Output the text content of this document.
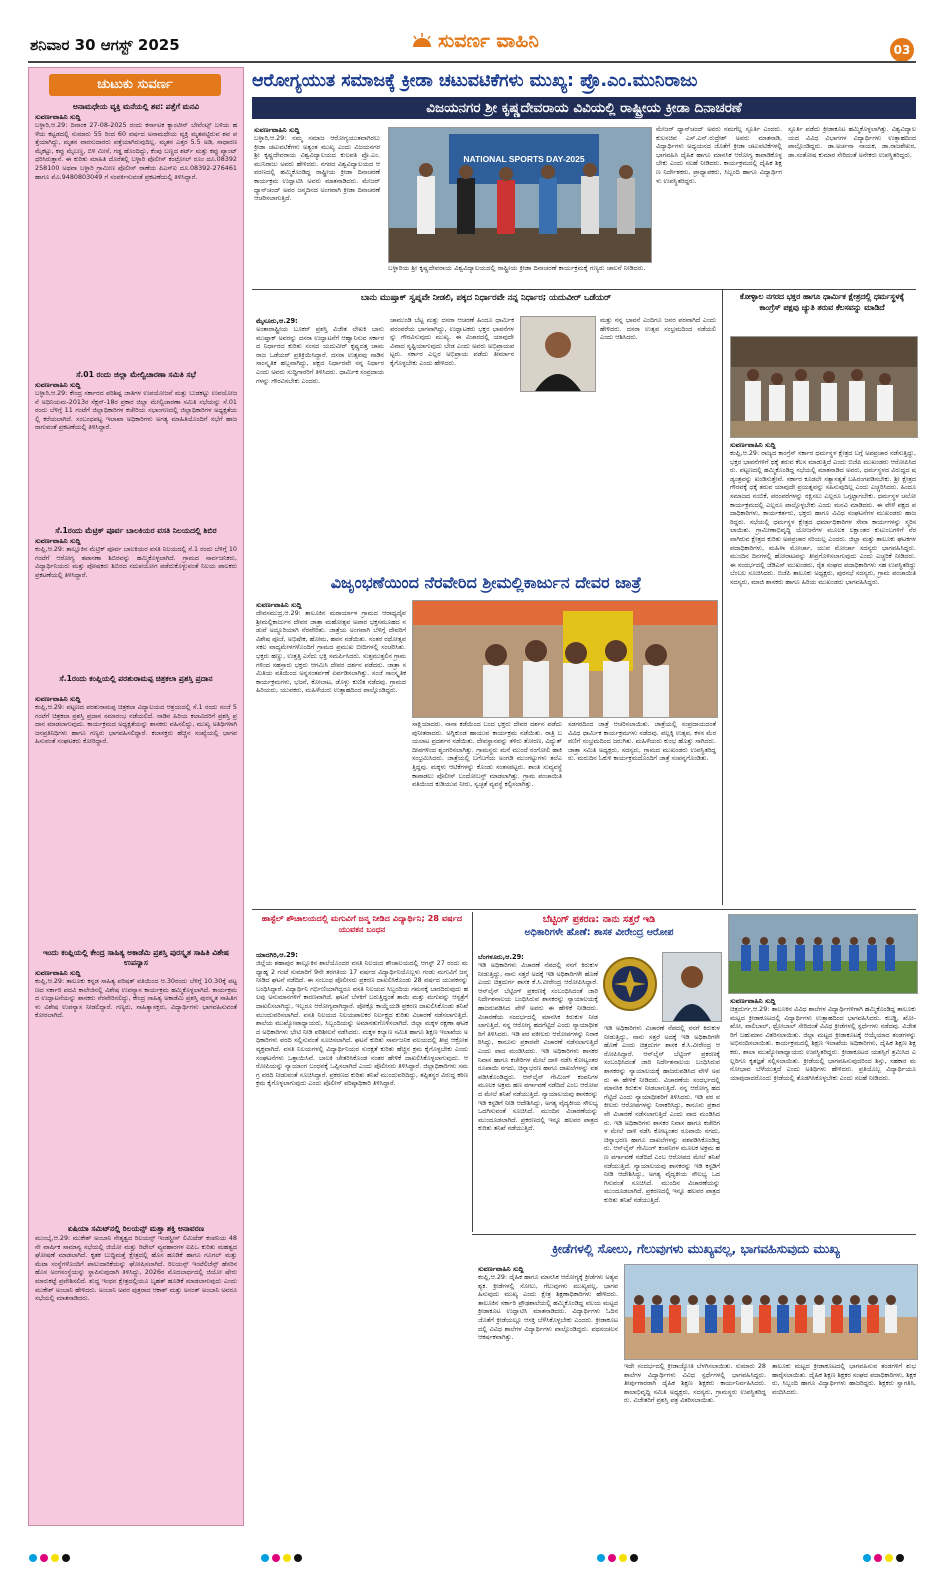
ಶನಿವಾರ 30 ಆಗಸ್ಟ್ 2025	ಸುವರ್ಣ ವಾಹಿನಿ	03
ಚುಟುಕು ಸುವರ್ಣ
ಅನಾಮಧೇಯ ವ್ಯಕ್ತಿ ಮನೆಯಲ್ಲಿ ಶವ: ಪತ್ತೆಗೆ ಮನವಿ
ಸುವರ್ಣವಾಹಿನಿ ಸುದ್ದಿ
ಬಳ್ಳಾರಿ,ಆ.29: ದಿನಾಂಕ 27-08-2025 ರಂದು ಕರ್ನಾಟಕ ಕ್ಯಾಂಟೀನ್ ಬೇವೆಂಟ್ಸ್ ಬಳಿಯ ಹಳೆಯ ಕಟ್ಟಡದಲ್ಲಿ ಸುಮಾರು 55 ರಿಂದ 60 ವರ್ಷದ ಅನಾಮಧೇಯ ವ್ಯಕ್ತಿ ಮೃತಪಟ್ಟಿರುವ ಶವ ಪತ್ತೆಯಾಗಿದ್ದು, ಮೃತನ ವಾರಸುದಾರರು ಪತ್ತೆಯಾಗಿರುವುದಿಲ್ಲ. ಮೃತನ ಎತ್ತರ 5.5 ಅಡಿ, ಸಾಧಾರಣ ಮೈಕಟ್ಟು, ಕಪ್ಪು ಮೈಬಣ್ಣ, ಬಿಳಿ ಮೀಸೆ, ಗಡ್ಡ ಹೊಂದಿದ್ದು, ಕೆಂಪು ಬಣ್ಣದ ಶರ್ಟ್ ಮತ್ತು ಕಪ್ಪು ಪ್ಯಾಂಟ್ ಧರಿಸಿರುತ್ತಾನೆ. ಈ ಕುರಿತು ಮಾಹಿತಿ ದೊರೆತಲ್ಲಿ ಬಳ್ಳಾರಿ ಪೊಲೀಸ್ ಕಂಟ್ರೋಲ್ ರೂಂ ದೂ.08392258100 ಅಥವಾ ಬಳ್ಳಾರಿ ಗ್ರಾಮೀಣ ಪೊಲೀಸ್ ಠಾಣೆಯ ಪಿಎಸ್‌ಐ ದೂ.08392-276461 ಹಾಗೂ ಮೊ.9480803049 ಗೆ ಸಂಪರ್ಕಿಸುವಂತೆ ಪ್ರಕಟಣೆಯಲ್ಲಿ ತಿಳಿಸಿದ್ದಾರೆ.
ಸೆ.01 ರಂದು ಜಿಲ್ಲಾ ಮೇಲ್ವಿಚಾರಣಾ ಸಮಿತಿ ಸಭೆ
ಸುವರ್ಣವಾಹಿನಿ ಸುದ್ದಿ
ಬಳ್ಳಾರಿ,ಆ.29: ಕೇಂದ್ರ ಸರ್ಕಾರದ ಪರಿಶಿಷ್ಟ ಜಾತಿಗಳ ಉಪಯೋಜನೆ ಮತ್ತು ಬುಡಕಟ್ಟು ಉಪಯೋಜನೆ ಅಧಿನಿಯಮ-2013ರ ಸೆಕ್ಷನ್-18ರ ಪ್ರಕಾರ ಜಿಲ್ಲಾ ಮೇಲ್ವಿಚಾರಣಾ ಸಮಿತಿ ಸಭೆಯನ್ನು ಸೆ.01 ರಂದು ಬೆಳಿಗ್ಗೆ 11 ಗಂಟೆಗೆ ಜಿಲ್ಲಾಧಿಕಾರಿಗಳ ಕಚೇರಿಯ ಸಭಾಂಗಣದಲ್ಲಿ ಜಿಲ್ಲಾಧಿಕಾರಿಗಳ ಅಧ್ಯಕ್ಷತೆಯಲ್ಲಿ ಕರೆಯಲಾಗಿದೆ. ಸಂಬಂಧಪಟ್ಟ ಇಲಾಖಾ ಅಧಿಕಾರಿಗಳು ಅಗತ್ಯ ಮಾಹಿತಿಯೊಂದಿಗೆ ಸಭೆಗೆ ಹಾಜರಾಗುವಂತೆ ಪ್ರಕಟಣೆಯಲ್ಲಿ ತಿಳಿಸಿದ್ದಾರೆ.
ಸೆ.1ರಂದು ಮೆಟ್ರಿಕ್ ಪೂರ್ವ ಬಾಲಕಿಯರ ವಸತಿ ನಿಲಯದಲ್ಲಿ ಶಿಬಿರ
ಸುವರ್ಣವಾಹಿನಿ ಸುದ್ದಿ
ಕಂಪ್ಲಿ,ಆ.29: ತಾಲ್ಲೂಕಿನ ಮೆಟ್ರಿಕ್ ಪೂರ್ವ ಬಾಲಕಿಯರ ವಸತಿ ನಿಲಯದಲ್ಲಿ ಸೆ.1 ರಂದು ಬೆಳಿಗ್ಗೆ 10 ಗಂಟೆಗೆ ಆರೋಗ್ಯ ತಪಾಸಣಾ ಶಿಬಿರವನ್ನು ಹಮ್ಮಿಕೊಳ್ಳಲಾಗಿದೆ. ಗ್ರಾಮದ ಸಾರ್ವಜನಿಕರು, ವಿದ್ಯಾರ್ಥಿನಿಯರು ಮತ್ತು ಪೋಷಕರು ಶಿಬಿರದ ಸದುಪಯೋಗ ಪಡೆದುಕೊಳ್ಳುವಂತೆ ನಿಲಯ ಪಾಲಕರು ಪ್ರಕಟಣೆಯಲ್ಲಿ ತಿಳಿಸಿದ್ದಾರೆ.
ಸೆ.1ರಂದು ಕಂಪ್ಲಿಯಲ್ಲಿ ಪರಶುರಾಮಪ್ಪ ಚಿತ್ರಕಲಾ ಪ್ರಶಸ್ತಿ ಪ್ರದಾನ
ಸುವರ್ಣವಾಹಿನಿ ಸುದ್ದಿ
ಕಂಪ್ಲಿ,ಆ.29: ಪಟ್ಟಣದ ಪರಶುರಾಮಪ್ಪ ಚಿತ್ರಕಲಾ ವಿದ್ಯಾಲಯದ ಆಶ್ರಯದಲ್ಲಿ ಸೆ.1 ರಂದು ಸಂಜೆ 5 ಗಂಟೆಗೆ ಚಿತ್ರಕಲಾ ಪ್ರಶಸ್ತಿ ಪ್ರದಾನ ಸಮಾರಂಭ ನಡೆಯಲಿದೆ. ನಾಡಿನ ಹಿರಿಯ ಕಲಾವಿದರಿಗೆ ಪ್ರಶಸ್ತಿ ಪ್ರದಾನ ಮಾಡಲಾಗುವುದು. ಕಾರ್ಯಕ್ರಮದ ಅಧ್ಯಕ್ಷತೆಯನ್ನು ಶಾಸಕರು ವಹಿಸಲಿದ್ದು, ಮುಖ್ಯ ಅತಿಥಿಗಳಾಗಿ ಜನಪ್ರತಿನಿಧಿಗಳು ಹಾಗೂ ಗಣ್ಯರು ಭಾಗವಹಿಸಲಿದ್ದಾರೆ. ಕಲಾಸಕ್ತರು ಹೆಚ್ಚಿನ ಸಂಖ್ಯೆಯಲ್ಲಿ ಭಾಗವಹಿಸುವಂತೆ ಸಂಘಟಕರು ಕೋರಿದ್ದಾರೆ.
ಇಂದು ಕಂಪ್ಲಿಯಲ್ಲಿ ಕೇಂದ್ರ ಸಾಹಿತ್ಯ ಅಕಾಡೆಮಿ ಪ್ರಶಸ್ತಿ ಪುರಸ್ಕೃತ ಸಾಹಿತಿ ವಿಶೇಷ ಉಪನ್ಯಾಸ
ಸುವರ್ಣವಾಹಿನಿ ಸುದ್ದಿ
ಕಂಪ್ಲಿ,ಆ.29: ತಾಲೂಕು ಕನ್ನಡ ಸಾಹಿತ್ಯ ಪರಿಷತ್ ವತಿಯಿಂದ ಆ.30ರಂದು ಬೆಳಿಗ್ಗೆ 10.30ಕ್ಕೆ ಪಟ್ಟಣದ ಸರ್ಕಾರಿ ಪದವಿ ಕಾಲೇಜಿನಲ್ಲಿ ವಿಶೇಷ ಉಪನ್ಯಾಸ ಕಾರ್ಯಕ್ರಮ ಹಮ್ಮಿಕೊಳ್ಳಲಾಗಿದೆ. ಕಾರ್ಯಕ್ರಮದ ಉದ್ಘಾಟನೆಯನ್ನು ಶಾಸಕರು ನೆರವೇರಿಸಲಿದ್ದು, ಕೇಂದ್ರ ಸಾಹಿತ್ಯ ಅಕಾಡೆಮಿ ಪ್ರಶಸ್ತಿ ಪುರಸ್ಕೃತ ಸಾಹಿತಿಗಳು ವಿಶೇಷ ಉಪನ್ಯಾಸ ನೀಡಲಿದ್ದಾರೆ. ಗಣ್ಯರು, ಸಾಹಿತ್ಯಾಸಕ್ತರು, ವಿದ್ಯಾರ್ಥಿಗಳು ಭಾಗವಹಿಸುವಂತೆ ಕೋರಲಾಗಿದೆ.
ಏಷಿಯಾ ಸಮಿಟ್‌ನಲ್ಲಿ ರಿಲಯನ್ಸ್ ಮತ್ತಾ ಶಕ್ತಿ ಅನಾವರಣ
ಮುಂಬೈ,ಆ.29: ಮುಕೇಶ್ ಅಂಬಾನಿ ನೇತೃತ್ವದ ರಿಲಯನ್ಸ್ ಇಂಡಸ್ಟ್ರೀಸ್ ಲಿಮಿಟೆಡ್ ಕಂಪನಿಯ 48ನೇ ವಾರ್ಷಿಕ ಸಾಮಾನ್ಯ ಸಭೆಯಲ್ಲಿ ಜಿಯೋ ಮತ್ತು ರಿಟೇಲ್ ವ್ಯವಹಾರಗಳ ಐಪಿಒ ಕುರಿತು ಮಹತ್ವದ ಘೋಷಣೆ ಮಾಡಲಾಗಿದೆ. ಕೃತಕ ಬುದ್ಧಿಮತ್ತೆ ಕ್ಷೇತ್ರದಲ್ಲಿ ಹೊಸ ಹೂಡಿಕೆ ಹಾಗೂ ಗೂಗಲ್ ಮತ್ತು ಮೆಟಾ ಸಂಸ್ಥೆಗಳೊಂದಿಗೆ ಪಾಲುದಾರಿಕೆಯನ್ನು ಘೋಷಿಸಲಾಗಿದೆ. ರಿಲಯನ್ಸ್ ಇಂಟೆಲಿಜೆನ್ಸ್ ಹೆಸರಿನ ಹೊಸ ಅಂಗಸಂಸ್ಥೆಯನ್ನು ಸ್ಥಾಪಿಸುವುದಾಗಿ ತಿಳಿಸಿದ್ದು, 2026ರ ಮೊದಲಾರ್ಧದಲ್ಲಿ ಜಿಯೋ ಷೇರು ಮಾರುಕಟ್ಟೆ ಪ್ರವೇಶಿಸಲಿದೆ. ಶುದ್ಧ ಇಂಧನ ಕ್ಷೇತ್ರದಲ್ಲಿಯೂ ಬೃಹತ್ ಹೂಡಿಕೆ ಮಾಡಲಾಗುವುದು ಎಂದು ಮುಕೇಶ್ ಅಂಬಾನಿ ಹೇಳಿದರು. ಅಂಬಾನಿ ಅವರ ಪುತ್ರರಾದ ಆಕಾಶ್ ಮತ್ತು ಅನಂತ್ ಅಂಬಾನಿ ಅವರೂ ಸಭೆಯಲ್ಲಿ ಮಾತನಾಡಿದರು.
ಆರೋಗ್ಯಯುತ ಸಮಾಜಕ್ಕೆ ಕ್ರೀಡಾ ಚಟುವಟಿಕೆಗಳು ಮುಖ್ಯ: ಪ್ರೊ.ಎಂ.ಮುನಿರಾಜು
ವಿಜಯನಗರ ಶ್ರೀ ಕೃಷ್ಣದೇವರಾಯ ವಿವಿಯಲ್ಲಿ ರಾಷ್ಟ್ರೀಯ ಕ್ರೀಡಾ ದಿನಾಚರಣೆ
ಸುವರ್ಣವಾಹಿನಿ ಸುದ್ದಿ
ಬಳ್ಳಾರಿ,ಆ.29: ನಮ್ಮ ಸಮಾಜ ಆರೋಗ್ಯಯುತವಾಗಿರಲು ಕ್ರೀಡಾ ಚಟುವಟಿಕೆಗಳು ಅತ್ಯಂತ ಮುಖ್ಯ ಎಂದು ವಿಜಯನಗರ ಶ್ರೀ ಕೃಷ್ಣದೇವರಾಯ ವಿಶ್ವವಿದ್ಯಾಲಯದ ಕುಲಪತಿ ಪ್ರೊ.ಎಂ.ಮುನಿರಾಜು ಅವರು ಹೇಳಿದರು. ನಗರದ ವಿಶ್ವವಿದ್ಯಾಲಯದ ಆವರಣದಲ್ಲಿ ಹಮ್ಮಿಕೊಂಡಿದ್ದ ರಾಷ್ಟ್ರೀಯ ಕ್ರೀಡಾ ದಿನಾಚರಣೆ ಕಾರ್ಯಕ್ರಮ ಉದ್ಘಾಟಿಸಿ ಅವರು ಮಾತನಾಡಿದರು. ಮೇಜರ್ ಧ್ಯಾನ್‌ಚಂದ್ ಅವರ ಜನ್ಮದಿನದ ಅಂಗವಾಗಿ ಕ್ರೀಡಾ ದಿನಾಚರಣೆ ಆಚರಿಸಲಾಗುತ್ತಿದೆ.
NATIONAL SPORTS DAY-2025
ಬಳ್ಳಾರಿಯ ಶ್ರೀ ಕೃಷ್ಣದೇವರಾಯ ವಿಶ್ವವಿದ್ಯಾಲಯದಲ್ಲಿ ರಾಷ್ಟ್ರೀಯ ಕ್ರೀಡಾ ದಿನಾಚರಣೆ ಕಾರ್ಯಕ್ರಮಕ್ಕೆ ಗಣ್ಯರು ಚಾಲನೆ ನೀಡಿದರು.
ಮೇಜರ್ ಧ್ಯಾನ್‌ಚಂದ್ ಅವರು ನಮಗೆಲ್ಲ ಸ್ಫೂರ್ತಿ ಎಂದರು. ಕುಲಸಚಿವ ಎಸ್.ಎನ್.ರುದ್ರೇಶ್ ಅವರು ಮಾತನಾಡಿ, ವಿದ್ಯಾರ್ಥಿಗಳು ಅಧ್ಯಯನದ ಜೊತೆಗೆ ಕ್ರೀಡಾ ಚಟುವಟಿಕೆಗಳಲ್ಲಿ ಭಾಗವಹಿಸಿ ದೈಹಿಕ ಹಾಗೂ ಮಾನಸಿಕ ಆರೋಗ್ಯ ಕಾಪಾಡಿಕೊಳ್ಳಬೇಕು ಎಂದು ಸಲಹೆ ನೀಡಿದರು. ಕಾರ್ಯಕ್ರಮದಲ್ಲಿ ದೈಹಿಕ ಶಿಕ್ಷಣ ನಿರ್ದೇಶಕರು, ಪ್ರಾಧ್ಯಾಪಕರು, ಸಿಬ್ಬಂದಿ ಹಾಗೂ ವಿದ್ಯಾರ್ಥಿಗಳು ಉಪಸ್ಥಿತರಿದ್ದರು.
ಸ್ಫೂರ್ತಿ ಪಡೆದು ಕ್ರೀಡಾಕೂಟ ಹಮ್ಮಿಕೊಳ್ಳಲಾಗಿತ್ತು. ವಿಶ್ವವಿದ್ಯಾಲಯದ ವಿವಿಧ ವಿಭಾಗಗಳ ವಿದ್ಯಾರ್ಥಿಗಳು ಉತ್ಸಾಹದಿಂದ ಪಾಲ್ಗೊಂಡಿದ್ದರು. ಡಾ.ಅರ್ಚನಾ ನಾಯಕ, ಡಾ.ರಾಜಶೇಖರ, ಡಾ.ಸಂತೋಷ ಕುಮಾರ ಸೇರಿದಂತೆ ಅನೇಕರು ಉಪಸ್ಥಿತರಿದ್ದರು.
ಬಾನು ಮುಷ್ತಾಕ್ ಸ್ವಪ್ನವೇ ನೀಡಲಿ, ಪಕ್ಕದ ನಿರ್ಧಾರವೇ ನನ್ನ ನಿರ್ಧಾರ; ಯದುವೀರ್ ಒಡೆಯರ್
ಮೈಸೂರು,ಆ.29:
ಅಂತಾರಾಷ್ಟ್ರೀಯ ಬೂಕರ್ ಪ್ರಶಸ್ತಿ ವಿಜೇತ ಲೇಖಕಿ ಬಾನು ಮುಷ್ತಾಕ್ ಅವರನ್ನು ದಸರಾ ಉದ್ಘಾಟನೆಗೆ ಆಹ್ವಾನಿಸುವ ಸರ್ಕಾರದ ನಿರ್ಧಾರದ ಕುರಿತು ಸಂಸದ ಯದುವೀರ್ ಕೃಷ್ಣದತ್ತ ಚಾಮರಾಜ ಒಡೆಯರ್ ಪ್ರತಿಕ್ರಿಯಿಸಿದ್ದಾರೆ. ದಸರಾ ಉತ್ಸವವು ನಾಡಿನ ಸಾಂಸ್ಕೃತಿಕ ಹಬ್ಬವಾಗಿದ್ದು, ಪಕ್ಷದ ನಿರ್ಧಾರವೇ ನನ್ನ ನಿರ್ಧಾರ ಎಂದು ಅವರು ಸುದ್ದಿಗಾರರಿಗೆ ತಿಳಿಸಿದರು. ಧಾರ್ಮಿಕ ಸಂಪ್ರದಾಯಗಳನ್ನು ಗೌರವಿಸಬೇಕು ಎಂದರು.
ಚಾಮುಂಡಿ ಬೆಟ್ಟ ಮತ್ತು ದಸರಾ ಆಚರಣೆ ಹಿಂದೂ ಧಾರ್ಮಿಕ ಪರಂಪರೆಯ ಭಾಗವಾಗಿದ್ದು, ಉದ್ಘಾಟಕರು ಭಕ್ತರ ಭಾವನೆಗಳನ್ನು ಗೌರವಿಸುವುದು ಮುಖ್ಯ. ಈ ವಿಚಾರದಲ್ಲಿ ಯಾವುದೇ ವಿವಾದ ಸೃಷ್ಟಿಯಾಗುವುದು ಬೇಡ ಎಂದು ಅವರು ಅಭಿಪ್ರಾಯಪಟ್ಟರು. ಸರ್ಕಾರ ಎಲ್ಲರ ಅಭಿಪ್ರಾಯ ಪಡೆದು ತೀರ್ಮಾನ ಕೈಗೊಳ್ಳಬೇಕು ಎಂದು ಹೇಳಿದರು.
ಮತ್ತು ನನ್ನ ಭಾವನೆ ಎಂದಿಗೂ ಜನರ ಪರವಾಗಿದೆ ಎಂದು ಹೇಳಿದರು. ದಸರಾ ಉತ್ಸವ ಸಂಭ್ರಮದಿಂದ ನಡೆಯಲಿ ಎಂದು ಆಶಿಸಿದರು.
ಕೋಳ್ಳಾಲ ನಗರದ ಭಕ್ತರ ಹಾಗೂ ಧಾರ್ಮಿಕ ಕ್ಷೇತ್ರದಲ್ಲಿ ಧರ್ಮಸ್ಥಳಕ್ಕೆ ಕಾಂಗ್ರೆಸ್ ಪಕ್ಷವು ಚ್ಯುತಿ ತರುವ ಕೆಲಸವನ್ನು ಮಾಡಿದೆ
ಸುವರ್ಣವಾಹಿನಿ ಸುದ್ದಿ
ಕಂಪ್ಲಿ,ಆ.29: ರಾಜ್ಯದ ಕಾಂಗ್ರೆಸ್ ಸರ್ಕಾರ ಧರ್ಮಸ್ಥಳ ಕ್ಷೇತ್ರದ ಬಗ್ಗೆ ಅಪಪ್ರಚಾರ ನಡೆಸುತ್ತಿದ್ದು, ಭಕ್ತರ ಭಾವನೆಗಳಿಗೆ ಧಕ್ಕೆ ತರುವ ಕೆಲಸ ಮಾಡುತ್ತಿದೆ ಎಂದು ಬಿಜೆಪಿ ಮುಖಂಡರು ಆರೋಪಿಸಿದರು. ಪಟ್ಟಣದಲ್ಲಿ ಹಮ್ಮಿಕೊಂಡಿದ್ದ ಸಭೆಯಲ್ಲಿ ಮಾತನಾಡಿದ ಅವರು, ಧರ್ಮಸ್ಥಳದ ವಿರುದ್ಧದ ಷಡ್ಯಂತ್ರವನ್ನು ಖಂಡಿಸುತ್ತೇವೆ. ಸರ್ಕಾರ ಕೂಡಲೇ ಸತ್ಯಾಸತ್ಯತೆ ಬಹಿರಂಗಪಡಿಸಬೇಕು. ಶ್ರೀ ಕ್ಷೇತ್ರದ ಗೌರವಕ್ಕೆ ಧಕ್ಕೆ ತರುವ ಯಾವುದೇ ಪ್ರಯತ್ನವನ್ನು ಸಹಿಸುವುದಿಲ್ಲ ಎಂದು ಎಚ್ಚರಿಸಿದರು. ಹಿಂದೂ ಸಮಾಜದ ನಂಬಿಕೆ, ಪರಂಪರೆಗಳನ್ನು ರಕ್ಷಿಸಲು ಎಲ್ಲರೂ ಒಗ್ಗಟ್ಟಾಗಬೇಕು. ಧರ್ಮಸ್ಥಳ ಚಲೋ ಕಾರ್ಯಕ್ರಮದಲ್ಲಿ ಎಲ್ಲರೂ ಪಾಲ್ಗೊಳ್ಳಬೇಕು ಎಂದು ಮನವಿ ಮಾಡಿದರು. ಈ ವೇಳೆ ಪಕ್ಷದ ಪದಾಧಿಕಾರಿಗಳು, ಕಾರ್ಯಕರ್ತರು, ಭಕ್ತರು ಹಾಗೂ ವಿವಿಧ ಸಂಘಟನೆಗಳ ಮುಖಂಡರು ಹಾಜರಿದ್ದರು. ಸಭೆಯಲ್ಲಿ ಧರ್ಮಸ್ಥಳ ಕ್ಷೇತ್ರದ ಧರ್ಮಾಧಿಕಾರಿಗಳ ಸೇವಾ ಕಾರ್ಯಗಳನ್ನು ಸ್ಮರಿಸಲಾಯಿತು. ಗ್ರಾಮೀಣಾಭಿವೃದ್ಧಿ ಯೋಜನೆಗಳ ಮೂಲಕ ಲಕ್ಷಾಂತರ ಕುಟುಂಬಗಳಿಗೆ ನೆರವಾಗಿರುವ ಕ್ಷೇತ್ರದ ಕುರಿತು ಅಪಪ್ರಚಾರ ಸರಿಯಲ್ಲ ಎಂದರು. ಜಿಲ್ಲಾ ಮತ್ತು ತಾಲೂಕು ಘಟಕಗಳ ಪದಾಧಿಕಾರಿಗಳು, ಮಹಿಳಾ ಮೋರ್ಚಾ, ಯುವ ಮೋರ್ಚಾ ಸದಸ್ಯರು ಭಾಗವಹಿಸಿದ್ದರು. ಮುಂದಿನ ದಿನಗಳಲ್ಲಿ ಹೋರಾಟವನ್ನು ತೀವ್ರಗೊಳಿಸಲಾಗುವುದು ಎಂದು ಎಚ್ಚರಿಕೆ ನೀಡಿದರು. ಈ ಸಂದರ್ಭದಲ್ಲಿ ಜೆಡಿಎಸ್ ಮುಖಂಡರು, ರೈತ ಸಂಘದ ಪದಾಧಿಕಾರಿಗಳು ಸಹ ಉಪಸ್ಥಿತರಿದ್ದು ಬೆಂಬಲ ಸೂಚಿಸಿದರು. ಬಿಜೆಪಿ ತಾಲೂಕು ಅಧ್ಯಕ್ಷರು, ಪುರಸಭೆ ಸದಸ್ಯರು, ಗ್ರಾಮ ಪಂಚಾಯಿತಿ ಸದಸ್ಯರು, ಮಾಜಿ ಶಾಸಕರು ಹಾಗೂ ಹಿರಿಯ ಮುಖಂಡರು ಭಾಗವಹಿಸಿದ್ದರು.
ವಿಜೃಂಭಣೆಯಿಂದ ನೆರವೇರಿದ ಶ್ರೀಮಲ್ಲಿಕಾರ್ಜುನ ದೇವರ ಜಾತ್ರೆ
ಸುವರ್ಣವಾಹಿನಿ ಸುದ್ದಿ
ದೇವಸಮುದ್ರ,ಆ.29: ತಾಲೂಕಿನ ಮರಾರ್ಯಾಳ ಗ್ರಾಮದ ಆರಾಧ್ಯದೈವ ಶ್ರೀಮಲ್ಲಿಕಾರ್ಜುನ ದೇವರ ಜಾತ್ರಾ ಮಹೋತ್ಸವ ಅಪಾರ ಭಕ್ತಸಮೂಹದ ನಡುವೆ ಅದ್ದೂರಿಯಾಗಿ ನೆರವೇರಿತು. ಜಾತ್ರೆಯ ಅಂಗವಾಗಿ ಬೆಳಿಗ್ಗೆ ದೇವರಿಗೆ ವಿಶೇಷ ಪೂಜೆ, ಅಭಿಷೇಕ, ಹೋಮ, ಹವನ ನಡೆಯಿತು. ನಂತರ ರಥೋತ್ಸವ ಸಕಲ ವಾದ್ಯಮೇಳಗಳೊಂದಿಗೆ ಗ್ರಾಮದ ಪ್ರಮುಖ ಬೀದಿಗಳಲ್ಲಿ ಸಂಚರಿಸಿತು. ಭಕ್ತರು ಹಣ್ಣು, ಉತ್ತತ್ತಿ ಎಸೆದು ಭಕ್ತಿ ಸಮರ್ಪಿಸಿದರು. ಸುತ್ತಮುತ್ತಲಿನ ಗ್ರಾಮಗಳಿಂದ ಸಹಸ್ರಾರು ಭಕ್ತರು ಆಗಮಿಸಿ ದೇವರ ದರ್ಶನ ಪಡೆದರು. ಜಾತ್ರಾ ಸಮಿತಿಯ ವತಿಯಿಂದ ಅನ್ನಸಂತರ್ಪಣೆ ಏರ್ಪಡಿಸಲಾಗಿತ್ತು. ಸಂಜೆ ಸಾಂಸ್ಕೃತಿಕ ಕಾರ್ಯಕ್ರಮಗಳು, ಭಜನೆ, ಕೋಲಾಟ, ಡೊಳ್ಳು ಕುಣಿತ ನಡೆದವು. ಗ್ರಾಮದ ಹಿರಿಯರು, ಯುವಕರು, ಮಹಿಳೆಯರು ಉತ್ಸಾಹದಿಂದ ಪಾಲ್ಗೊಂಡಿದ್ದರು.
ಸಾಕ್ಷಿಯಾದರು. ನಾನಾ ಕಡೆಯಿಂದ ಬಂದ ಭಕ್ತರು ದೇವರ ದರ್ಶನ ಪಡೆದು ಪುನೀತರಾದರು. ಅಗ್ನಿಕುಂಡ ಹಾಯುವ ಕಾರ್ಯಕ್ರಮ ನಡೆಯಿತು. ರಾತ್ರಿ ಬಯಲಾಟ ಪ್ರದರ್ಶನ ನಡೆಯಿತು. ದೇವಸ್ಥಾನವನ್ನು ತಳಿರು ತೋರಣ, ವಿದ್ಯುತ್ ದೀಪಗಳಿಂದ ಶೃಂಗರಿಸಲಾಗಿತ್ತು. ಗ್ರಾಮಸ್ಥರು ಮನೆ ಮುಂದೆ ರಂಗೋಲಿ ಹಾಕಿ ಸಂಭ್ರಮಿಸಿದರು. ಜಾತ್ರೆಯಲ್ಲಿ ಬಗೆಬಗೆಯ ಅಂಗಡಿ ಮುಂಗಟ್ಟುಗಳು ತಲೆಎತ್ತಿದ್ದವು. ಮಕ್ಕಳು ಆಟಿಕೆಗಳನ್ನು ಕೊಂಡು ಸಂತಸಪಟ್ಟರು. ಶಾಂತಿ ಸುವ್ಯವಸ್ಥೆ ಕಾಪಾಡಲು ಪೊಲೀಸ್ ಬಂದೋಬಸ್ತ್ ಮಾಡಲಾಗಿತ್ತು. ಗ್ರಾಮ ಪಂಚಾಯಿತಿ ವತಿಯಿಂದ ಕುಡಿಯುವ ನೀರು, ಸ್ವಚ್ಛತೆ ವ್ಯವಸ್ಥೆ ಕಲ್ಪಿಸಲಾಗಿತ್ತು.
ಸಡಗರದಿಂದ ಜಾತ್ರೆ ಆಚರಿಸಲಾಯಿತು. ಜಾತ್ರೆಯಲ್ಲಿ ಸಂಪ್ರದಾಯದಂತೆ ವಿವಿಧ ಧಾರ್ಮಿಕ ಕಾರ್ಯಕ್ರಮಗಳು ನಡೆದವು. ಪಲ್ಲಕ್ಕಿ ಉತ್ಸವ, ಕಳಸ ಮೆರವಣಿಗೆ ಸಂಭ್ರಮದಿಂದ ಜರುಗಿತು. ಮಹಿಳೆಯರು ಕುಂಭ ಹೊತ್ತು ಸಾಗಿದರು. ಜಾತ್ರಾ ಸಮಿತಿ ಅಧ್ಯಕ್ಷರು, ಸದಸ್ಯರು, ಗ್ರಾಮದ ಮುಖಂಡರು ಉಪಸ್ಥಿತರಿದ್ದರು. ಮರುದಿನ ಓಕುಳಿ ಕಾರ್ಯಕ್ರಮದೊಂದಿಗೆ ಜಾತ್ರೆ ಸಂಪನ್ನಗೊಂಡಿತು.
ಹಾಸ್ಟೆಲ್ ಶೌಚಾಲಯದಲ್ಲಿ ಮಗುವಿಗೆ ಜನ್ಮ ನೀಡಿದ ವಿದ್ಯಾರ್ಥಿನಿ; 28 ವರ್ಷದ ಯುವಕನ ಬಂಧನ
ಯಾದಗಿರಿ,ಆ.29:
ಜಿಲ್ಲೆಯ ಶಹಾಪುರ ತಾಲ್ಲೂಕಿನ ಶಾಲೆಯೊಂದರ ವಸತಿ ನಿಲಯದ ಶೌಚಾಲಯದಲ್ಲಿ ಆಗಸ್ಟ್ 27 ರಂದು ಮಧ್ಯಾಹ್ನ 2 ಗಂಟೆ ಸುಮಾರಿಗೆ 9ನೇ ತರಗತಿಯ 17 ವರ್ಷದ ವಿದ್ಯಾರ್ಥಿನಿಯೊಬ್ಬಳು ಗಂಡು ಮಗುವಿಗೆ ಜನ್ಮ ನೀಡಿದ ಘಟನೆ ನಡೆದಿದೆ. ಈ ಸಂಬಂಧ ಪೊಲೀಸರು ಪ್ರಕರಣ ದಾಖಲಿಸಿಕೊಂಡು 28 ವರ್ಷದ ಯುವಕನನ್ನು ಬಂಧಿಸಿದ್ದಾರೆ. ವಿದ್ಯಾರ್ಥಿನಿ ಗರ್ಭಿಣಿಯಾಗಿದ್ದರೂ ವಸತಿ ನಿಲಯದ ಸಿಬ್ಬಂದಿಯ ಗಮನಕ್ಕೆ ಬಾರದಿರುವುದು ಹಲವು ಅನುಮಾನಗಳಿಗೆ ಕಾರಣವಾಗಿದೆ. ಘಟನೆ ಬೆಳಕಿಗೆ ಬರುತ್ತಿದ್ದಂತೆ ತಾಯಿ ಮತ್ತು ಮಗುವನ್ನು ಆಸ್ಪತ್ರೆಗೆ ದಾಖಲಿಸಲಾಗಿದ್ದು, ಇಬ್ಬರೂ ಆರೋಗ್ಯವಾಗಿದ್ದಾರೆ. ಪೋಕ್ಸೊ ಕಾಯ್ದೆಯಡಿ ಪ್ರಕರಣ ದಾಖಲಿಸಿಕೊಂಡು ತನಿಖೆ ಮುಂದುವರಿಸಲಾಗಿದೆ. ವಸತಿ ನಿಲಯದ ನಿಲಯಪಾಲಕರ ನಿರ್ಲಕ್ಷ್ಯದ ಕುರಿತು ವಿಚಾರಣೆ ನಡೆಸಲಾಗುತ್ತಿದೆ. ಶಾಲೆಯ ಮುಖ್ಯೋಪಾಧ್ಯಾಯರು, ಸಿಬ್ಬಂದಿಯನ್ನು ಅಮಾನತುಗೊಳಿಸಲಾಗಿದೆ. ಜಿಲ್ಲಾ ಮಕ್ಕಳ ರಕ್ಷಣಾ ಘಟಕದ ಅಧಿಕಾರಿಗಳು ಭೇಟಿ ನೀಡಿ ಪರಿಶೀಲನೆ ನಡೆಸಿದರು. ಮಕ್ಕಳ ಕಲ್ಯಾಣ ಸಮಿತಿ ಹಾಗೂ ಶಿಕ್ಷಣ ಇಲಾಖೆಯ ಅಧಿಕಾರಿಗಳು ವರದಿ ಸಲ್ಲಿಸುವಂತೆ ಸೂಚಿಸಲಾಗಿದೆ. ಘಟನೆ ಕುರಿತು ಸಾರ್ವಜನಿಕ ವಲಯದಲ್ಲಿ ತೀವ್ರ ಆಕ್ರೋಶ ವ್ಯಕ್ತವಾಗಿದೆ. ವಸತಿ ನಿಲಯಗಳಲ್ಲಿ ವಿದ್ಯಾರ್ಥಿನಿಯರ ಸುರಕ್ಷತೆ ಕುರಿತು ಹೆಚ್ಚಿನ ಕ್ರಮ ಕೈಗೊಳ್ಳಬೇಕು ಎಂದು ಸಂಘಟನೆಗಳು ಒತ್ತಾಯಿಸಿವೆ. ಬಾಲಕಿ ಚೇತರಿಸಿಕೊಂಡ ನಂತರ ಹೇಳಿಕೆ ದಾಖಲಿಸಿಕೊಳ್ಳಲಾಗುವುದು. ಆರೋಪಿಯನ್ನು ನ್ಯಾಯಾಂಗ ಬಂಧನಕ್ಕೆ ಒಪ್ಪಿಸಲಾಗಿದೆ ಎಂದು ಪೊಲೀಸರು ತಿಳಿಸಿದ್ದಾರೆ. ಜಿಲ್ಲಾಧಿಕಾರಿಗಳು ಸಮಗ್ರ ವರದಿ ನೀಡುವಂತೆ ಸೂಚಿಸಿದ್ದಾರೆ. ಪ್ರಕರಣದ ಕುರಿತು ತನಿಖೆ ಮುಂದುವರಿದಿದ್ದು, ತಪ್ಪಿತಸ್ಥರ ವಿರುದ್ಧ ಕಠಿಣ ಕ್ರಮ ಕೈಗೊಳ್ಳಲಾಗುವುದು ಎಂದು ಪೊಲೀಸ್ ವರಿಷ್ಠಾಧಿಕಾರಿ ತಿಳಿಸಿದ್ದಾರೆ.
ಬೆಟ್ಟಿಂಗ್ ಪ್ರಕರಣ: ನಾನು ಸತ್ತರೆ ಇಡಿ
ಅಧಿಕಾರಿಗಳೇ ಹೊಣೆ: ಶಾಸಕ ವೀರೇಂದ್ರ ಆರೋಪ
ಬೆಂಗಳೂರು,ಆ.29:
ಇಡಿ ಅಧಿಕಾರಿಗಳು ವಿಚಾರಣೆ ನೆಪದಲ್ಲಿ ನನಗೆ ಕಿರುಕುಳ ನೀಡುತ್ತಿದ್ದು, ನಾನು ಸತ್ತರೆ ಅದಕ್ಕೆ ಇಡಿ ಅಧಿಕಾರಿಗಳೇ ಹೊಣೆ ಎಂದು ಚಿತ್ರದುರ್ಗ ಶಾಸಕ ಕೆ.ಸಿ.ವೀರೇಂದ್ರ ಆರೋಪಿಸಿದ್ದಾರೆ. ಆನ್‌ಲೈನ್ ಬೆಟ್ಟಿಂಗ್ ಪ್ರಕರಣಕ್ಕೆ ಸಂಬಂಧಿಸಿದಂತೆ ಜಾರಿ ನಿರ್ದೇಶನಾಲಯ ಬಂಧಿಸಿರುವ ಶಾಸಕರನ್ನು ನ್ಯಾಯಾಲಯಕ್ಕೆ ಹಾಜರುಪಡಿಸಿದ ವೇಳೆ ಅವರು ಈ ಹೇಳಿಕೆ ನೀಡಿದರು. ವಿಚಾರಣೆಯ ಸಂದರ್ಭದಲ್ಲಿ ಮಾನಸಿಕ ಕಿರುಕುಳ ನೀಡಲಾಗುತ್ತಿದೆ. ನನ್ನ ಆರೋಗ್ಯ ಹದಗೆಟ್ಟಿದೆ ಎಂದು ನ್ಯಾಯಾಧೀಶರಿಗೆ ತಿಳಿಸಿದರು. ಇಡಿ ಪರ ವಕೀಲರು ಆರೋಪಗಳನ್ನು ನಿರಾಕರಿಸಿದ್ದು, ಕಾನೂನು ಪ್ರಕಾರವೇ ವಿಚಾರಣೆ ನಡೆಸಲಾಗುತ್ತಿದೆ ಎಂದು ವಾದ ಮಂಡಿಸಿದರು. ಇಡಿ ಅಧಿಕಾರಿಗಳು ಶಾಸಕರ ನಿವಾಸ ಹಾಗೂ ಕಚೇರಿಗಳ ಮೇಲೆ ದಾಳಿ ನಡೆಸಿ ಕೋಟ್ಯಂತರ ರೂಪಾಯಿ ನಗದು, ಚಿನ್ನಾಭರಣ ಹಾಗೂ ದಾಖಲೆಗಳನ್ನು ವಶಪಡಿಸಿಕೊಂಡಿದ್ದರು. ಆನ್‌ಲೈನ್ ಗೇಮಿಂಗ್ ಕಂಪನಿಗಳ ಮೂಲಕ ಅಕ್ರಮ ಹಣ ವರ್ಗಾವಣೆ ನಡೆದಿದೆ ಎಂಬ ಆರೋಪದ ಮೇಲೆ ತನಿಖೆ ನಡೆಯುತ್ತಿದೆ. ನ್ಯಾಯಾಲಯವು ಶಾಸಕರನ್ನು ಇಡಿ ಕಸ್ಟಡಿಗೆ ನೀಡಿ ಆದೇಶಿಸಿದ್ದು, ಅಗತ್ಯ ವೈದ್ಯಕೀಯ ಸೌಲಭ್ಯ ಒದಗಿಸುವಂತೆ ಸೂಚಿಸಿದೆ. ಮುಂದಿನ ವಿಚಾರಣೆಯನ್ನು ಮುಂದೂಡಲಾಗಿದೆ. ಪ್ರಕರಣದಲ್ಲಿ ಇನ್ನೂ ಹಲವರ ಪಾತ್ರದ ಕುರಿತು ತನಿಖೆ ನಡೆಯುತ್ತಿದೆ.
ಇಡಿ ಅಧಿಕಾರಿಗಳು ವಿಚಾರಣೆ ನೆಪದಲ್ಲಿ ನನಗೆ ಕಿರುಕುಳ ನೀಡುತ್ತಿದ್ದು, ನಾನು ಸತ್ತರೆ ಅದಕ್ಕೆ ಇಡಿ ಅಧಿಕಾರಿಗಳೇ ಹೊಣೆ ಎಂದು ಚಿತ್ರದುರ್ಗ ಶಾಸಕ ಕೆ.ಸಿ.ವೀರೇಂದ್ರ ಆರೋಪಿಸಿದ್ದಾರೆ. ಆನ್‌ಲೈನ್ ಬೆಟ್ಟಿಂಗ್ ಪ್ರಕರಣಕ್ಕೆ ಸಂಬಂಧಿಸಿದಂತೆ ಜಾರಿ ನಿರ್ದೇಶನಾಲಯ ಬಂಧಿಸಿರುವ ಶಾಸಕರನ್ನು ನ್ಯಾಯಾಲಯಕ್ಕೆ ಹಾಜರುಪಡಿಸಿದ ವೇಳೆ ಅವರು ಈ ಹೇಳಿಕೆ ನೀಡಿದರು. ವಿಚಾರಣೆಯ ಸಂದರ್ಭದಲ್ಲಿ ಮಾನಸಿಕ ಕಿರುಕುಳ ನೀಡಲಾಗುತ್ತಿದೆ. ನನ್ನ ಆರೋಗ್ಯ ಹದಗೆಟ್ಟಿದೆ ಎಂದು ನ್ಯಾಯಾಧೀಶರಿಗೆ ತಿಳಿಸಿದರು. ಇಡಿ ಪರ ವಕೀಲರು ಆರೋಪಗಳನ್ನು ನಿರಾಕರಿಸಿದ್ದು, ಕಾನೂನು ಪ್ರಕಾರವೇ ವಿಚಾರಣೆ ನಡೆಸಲಾಗುತ್ತಿದೆ ಎಂದು ವಾದ ಮಂಡಿಸಿದರು. ಇಡಿ ಅಧಿಕಾರಿಗಳು ಶಾಸಕರ ನಿವಾಸ ಹಾಗೂ ಕಚೇರಿಗಳ ಮೇಲೆ ದಾಳಿ ನಡೆಸಿ ಕೋಟ್ಯಂತರ ರೂಪಾಯಿ ನಗದು, ಚಿನ್ನಾಭರಣ ಹಾಗೂ ದಾಖಲೆಗಳನ್ನು ವಶಪಡಿಸಿಕೊಂಡಿದ್ದರು. ಆನ್‌ಲೈನ್ ಗೇಮಿಂಗ್ ಕಂಪನಿಗಳ ಮೂಲಕ ಅಕ್ರಮ ಹಣ ವರ್ಗಾವಣೆ ನಡೆದಿದೆ ಎಂಬ ಆರೋಪದ ಮೇಲೆ ತನಿಖೆ ನಡೆಯುತ್ತಿದೆ. ನ್ಯಾಯಾಲಯವು ಶಾಸಕರನ್ನು ಇಡಿ ಕಸ್ಟಡಿಗೆ ನೀಡಿ ಆದೇಶಿಸಿದ್ದು, ಅಗತ್ಯ ವೈದ್ಯಕೀಯ ಸೌಲಭ್ಯ ಒದಗಿಸುವಂತೆ ಸೂಚಿಸಿದೆ. ಮುಂದಿನ ವಿಚಾರಣೆಯನ್ನು ಮುಂದೂಡಲಾಗಿದೆ. ಪ್ರಕರಣದಲ್ಲಿ ಇನ್ನೂ ಹಲವರ ಪಾತ್ರದ ಕುರಿತು ತನಿಖೆ ನಡೆಯುತ್ತಿದೆ.
ಸುವರ್ಣವಾಹಿನಿ ಸುದ್ದಿ
ಚಿತ್ರದುರ್ಗ,ಆ.29: ತಾಲೂಕಿನ ವಿವಿಧ ಶಾಲೆಗಳ ವಿದ್ಯಾರ್ಥಿಗಳಿಗಾಗಿ ಹಮ್ಮಿಕೊಂಡಿದ್ದ ತಾಲೂಕು ಮಟ್ಟದ ಕ್ರೀಡಾಕೂಟದಲ್ಲಿ ವಿದ್ಯಾರ್ಥಿಗಳು ಉತ್ಸಾಹದಿಂದ ಭಾಗವಹಿಸಿದರು. ಕಬಡ್ಡಿ, ಖೋ-ಖೋ, ವಾಲಿಬಾಲ್, ಥ್ರೋಬಾಲ್ ಸೇರಿದಂತೆ ವಿವಿಧ ಕ್ರೀಡೆಗಳಲ್ಲಿ ಸ್ಪರ್ಧೆಗಳು ನಡೆದವು. ವಿಜೇತರಿಗೆ ಬಹುಮಾನ ವಿತರಿಸಲಾಯಿತು. ಜಿಲ್ಲಾ ಮಟ್ಟದ ಕ್ರೀಡಾಕೂಟಕ್ಕೆ ಆಯ್ಕೆಯಾದ ತಂಡಗಳನ್ನು ಅಭಿನಂದಿಸಲಾಯಿತು. ಕಾರ್ಯಕ್ರಮದಲ್ಲಿ ಶಿಕ್ಷಣ ಇಲಾಖೆಯ ಅಧಿಕಾರಿಗಳು, ದೈಹಿಕ ಶಿಕ್ಷಣ ಶಿಕ್ಷಕರು, ಶಾಲಾ ಮುಖ್ಯೋಪಾಧ್ಯಾಯರು ಉಪಸ್ಥಿತರಿದ್ದರು. ಕ್ರೀಡಾಕೂಟದ ಯಶಸ್ಸಿಗೆ ಶ್ರಮಿಸಿದ ಎಲ್ಲರಿಗೂ ಕೃತಜ್ಞತೆ ಸಲ್ಲಿಸಲಾಯಿತು. ಕ್ರೀಡೆಯಲ್ಲಿ ಭಾಗವಹಿಸುವುದರಿಂದ ಶಿಸ್ತು, ಸಹಕಾರ ಮನೋಭಾವ ಬೆಳೆಯುತ್ತದೆ ಎಂದು ಅತಿಥಿಗಳು ಹೇಳಿದರು. ಪ್ರತಿಯೊಬ್ಬ ವಿದ್ಯಾರ್ಥಿಯೂ ಯಾವುದಾದರೊಂದು ಕ್ರೀಡೆಯಲ್ಲಿ ತೊಡಗಿಸಿಕೊಳ್ಳಬೇಕು ಎಂದು ಸಲಹೆ ನೀಡಿದರು.
ಕ್ರೀಡೆಗಳಲ್ಲಿ ಸೋಲು, ಗೆಲುವುಗಳು ಮುಖ್ಯವಲ್ಲ, ಭಾಗವಹಿಸುವುದು ಮುಖ್ಯ
ಸುವರ್ಣವಾಹಿನಿ ಸುದ್ದಿ
ಕಂಪ್ಲಿ,ಆ.29: ದೈಹಿಕ ಹಾಗೂ ಮಾನಸಿಕ ಆರೋಗ್ಯಕ್ಕೆ ಕ್ರೀಡೆಗಳು ಅತ್ಯವಶ್ಯಕ. ಕ್ರೀಡೆಗಳಲ್ಲಿ ಸೋಲು, ಗೆಲುವುಗಳು ಮುಖ್ಯವಲ್ಲ, ಭಾಗವಹಿಸುವುದು ಮುಖ್ಯ ಎಂದು ಕ್ಷೇತ್ರ ಶಿಕ್ಷಣಾಧಿಕಾರಿಗಳು ಹೇಳಿದರು. ತಾಲೂಕಿನ ಸರ್ಕಾರಿ ಪ್ರೌಢಶಾಲೆಯಲ್ಲಿ ಹಮ್ಮಿಕೊಂಡಿದ್ದ ವಲಯ ಮಟ್ಟದ ಕ್ರೀಡಾಕೂಟ ಉದ್ಘಾಟಿಸಿ ಮಾತನಾಡಿದರು. ವಿದ್ಯಾರ್ಥಿಗಳು ಓದಿನ ಜೊತೆಗೆ ಕ್ರೀಡೆಯಲ್ಲೂ ಆಸಕ್ತಿ ಬೆಳೆಸಿಕೊಳ್ಳಬೇಕು ಎಂದರು. ಕ್ರೀಡಾಕೂಟದಲ್ಲಿ ವಿವಿಧ ಶಾಲೆಗಳ ವಿದ್ಯಾರ್ಥಿಗಳು ಪಾಲ್ಗೊಂಡಿದ್ದರು. ಪಥಸಂಚಲನ ಆಕರ್ಷಕವಾಗಿತ್ತು.
ಇದೇ ಸಂದರ್ಭದಲ್ಲಿ ಕ್ರೀಡಾಜ್ಯೋತಿ ಬೆಳಗಿಸಲಾಯಿತು. ಸುಮಾರು 28 ಶಾಲೆಗಳ ವಿದ್ಯಾರ್ಥಿಗಳು ವಿವಿಧ ಸ್ಪರ್ಧೆಗಳಲ್ಲಿ ಭಾಗವಹಿಸಿದ್ದರು. ತೀರ್ಪುಗಾರರಾಗಿ ದೈಹಿಕ ಶಿಕ್ಷಣ ಶಿಕ್ಷಕರು ಕಾರ್ಯನಿರ್ವಹಿಸಿದರು. ಶಾಲಾಭಿವೃದ್ಧಿ ಸಮಿತಿ ಅಧ್ಯಕ್ಷರು, ಸದಸ್ಯರು, ಗ್ರಾಮಸ್ಥರು ಉಪಸ್ಥಿತರಿದ್ದರು. ವಿಜೇತರಿಗೆ ಪ್ರಶಸ್ತಿ ಪತ್ರ ವಿತರಿಸಲಾಯಿತು.
ತಾಲೂಕು ಮಟ್ಟದ ಕ್ರೀಡಾಕೂಟದಲ್ಲಿ ಭಾಗವಹಿಸುವ ತಂಡಗಳಿಗೆ ಶುಭ ಹಾರೈಸಲಾಯಿತು. ದೈಹಿಕ ಶಿಕ್ಷಣ ಶಿಕ್ಷಕರ ಸಂಘದ ಪದಾಧಿಕಾರಿಗಳು, ಶಿಕ್ಷಕರು, ಸಿಬ್ಬಂದಿ ಹಾಗೂ ವಿದ್ಯಾರ್ಥಿಗಳು ಹಾಜರಿದ್ದರು. ಶಿಕ್ಷಕರು ಸ್ವಾಗತಿಸಿ, ವಂದಿಸಿದರು.
